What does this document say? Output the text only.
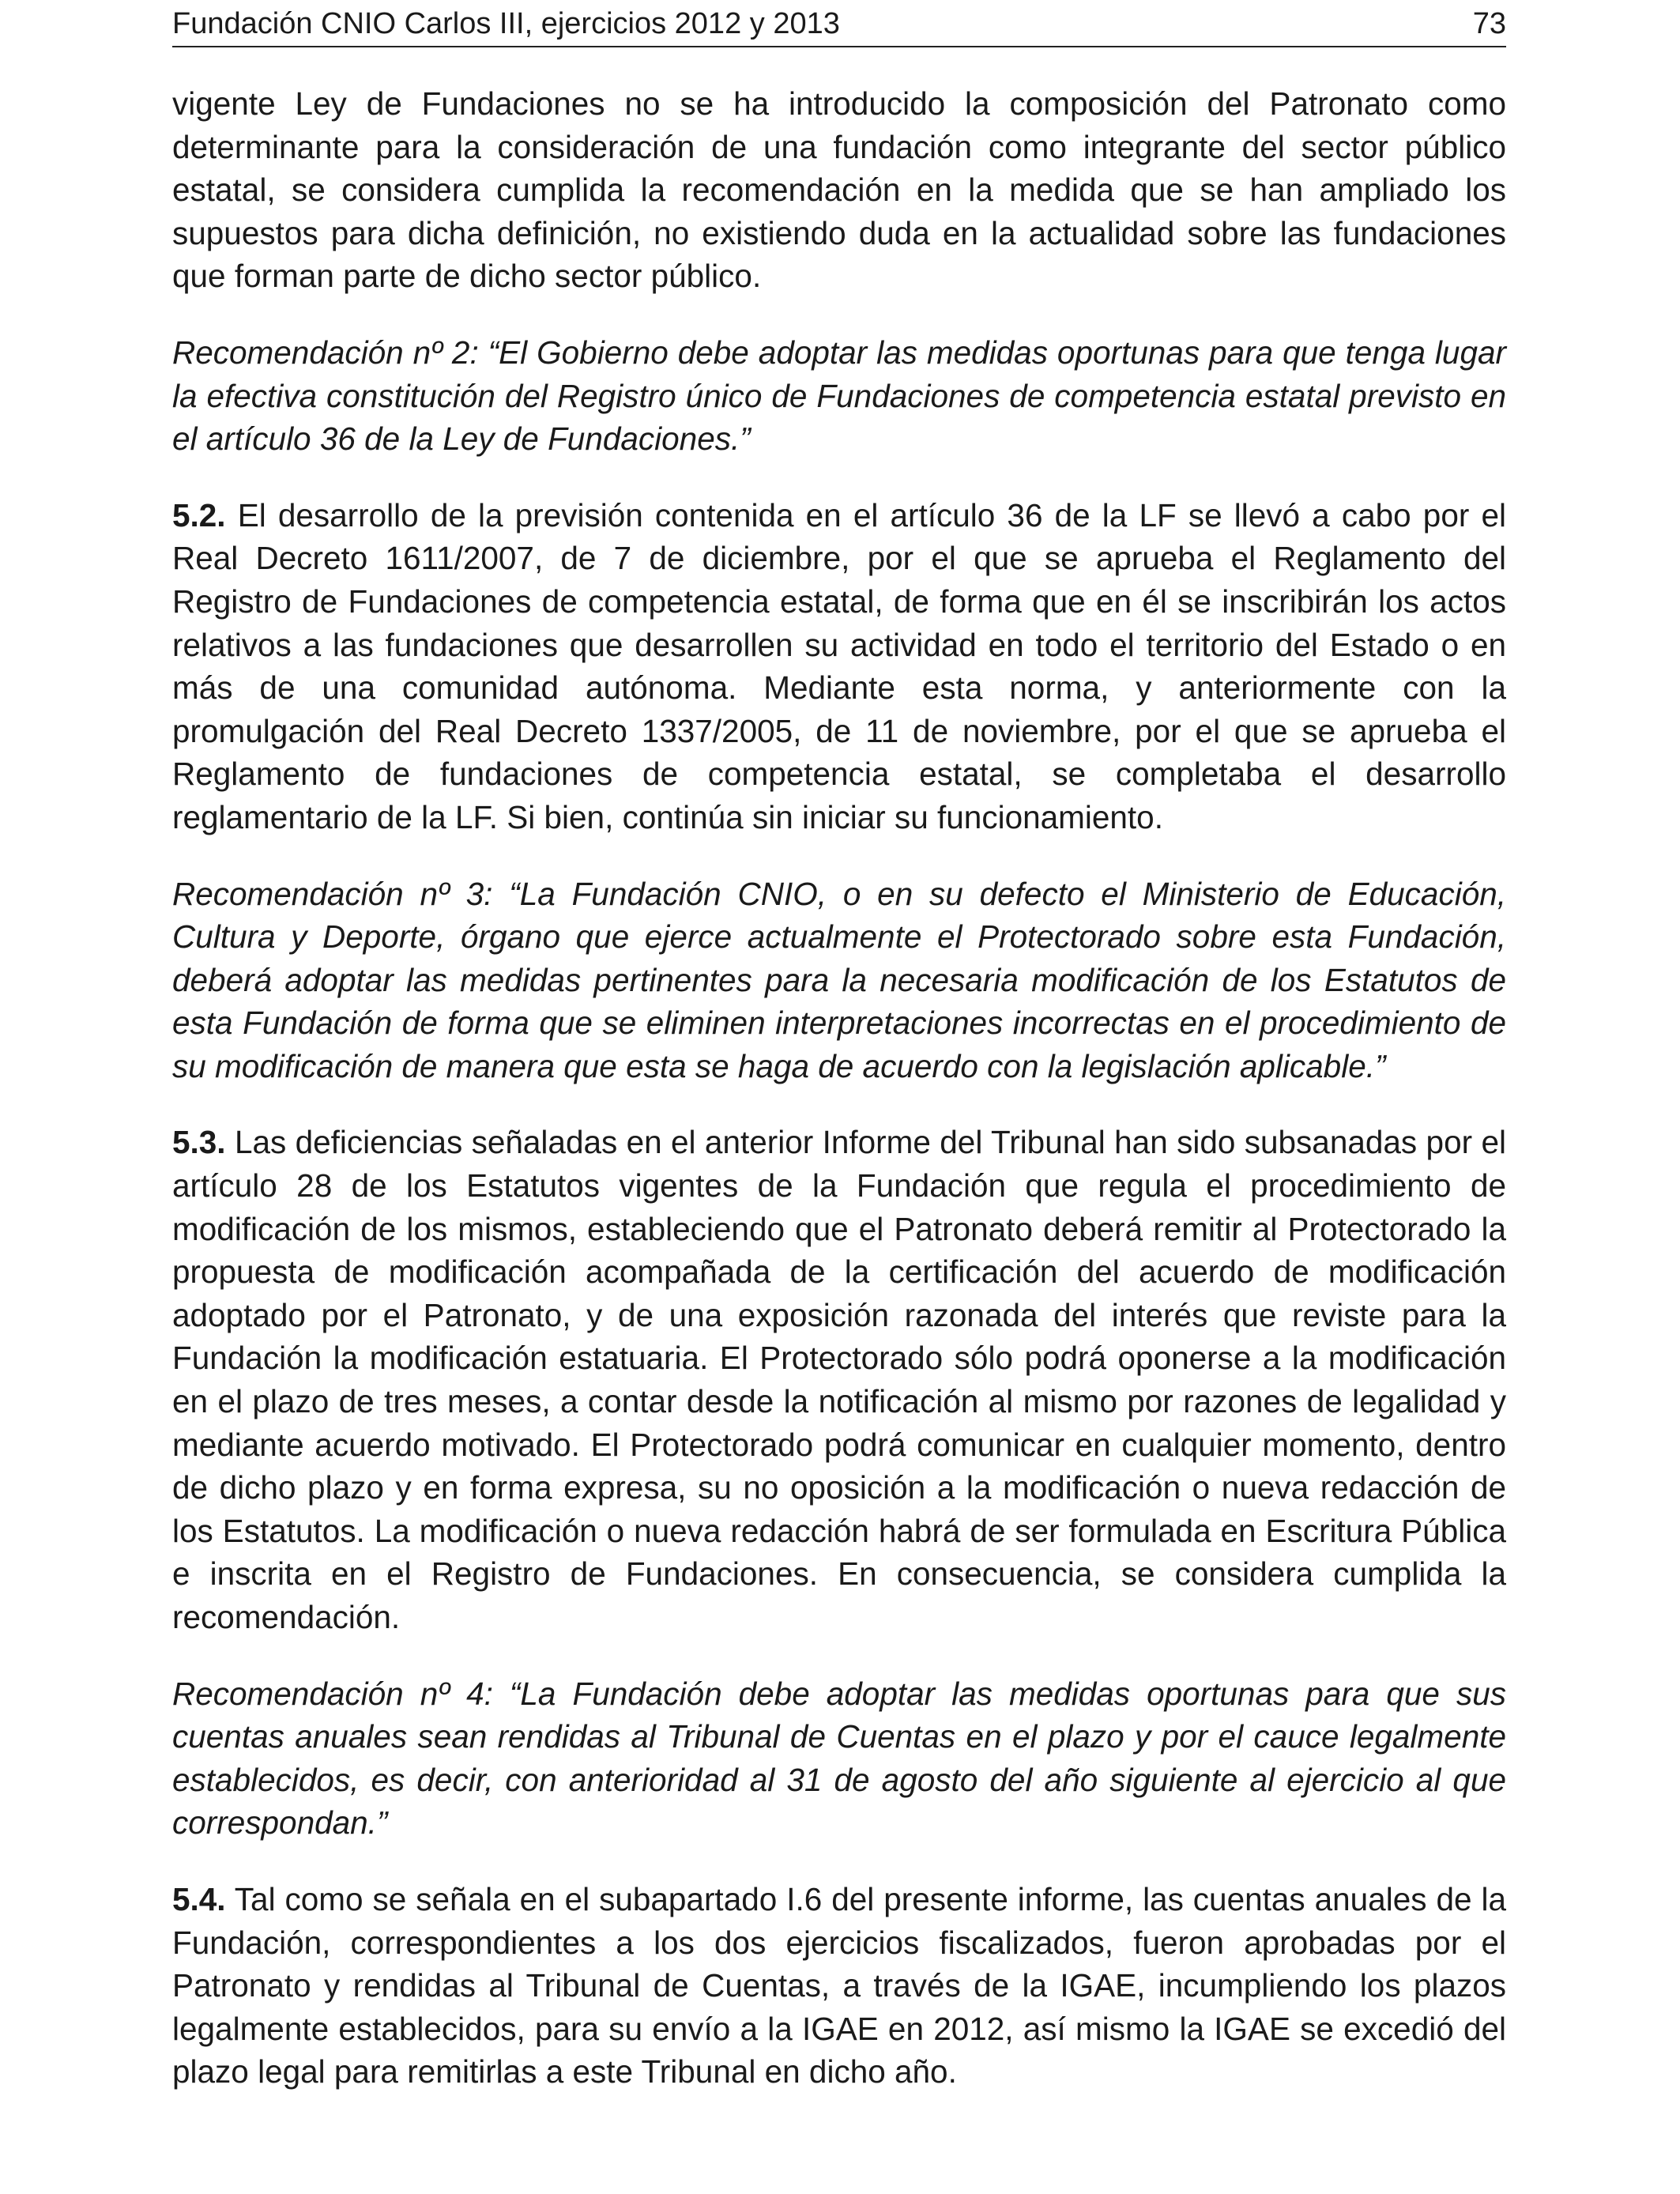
Fundación CNIO Carlos III, ejercicios 2012 y 2013	73

vigente Ley de Fundaciones no se ha introducido la composición del Patronato como determinante para la consideración de una fundación como integrante del sector público estatal, se considera cumplida la recomendación en la medida que se han ampliado los supuestos para dicha definición, no existiendo duda en la actualidad sobre las fundaciones que forman parte de dicho sector público.

Recomendación nº 2: “El Gobierno debe adoptar las medidas oportunas para que tenga lugar la efectiva constitución del Registro único de Fundaciones de competencia estatal previsto en el artículo 36 de la Ley de Fundaciones.”

5.2. El desarrollo de la previsión contenida en el artículo 36 de la LF se llevó a cabo por el Real Decreto 1611/2007, de 7 de diciembre, por el que se aprueba el Reglamento del Registro de Fundaciones de competencia estatal, de forma que en él se inscribirán los actos relativos a las fundaciones que desarrollen su actividad en todo el territorio del Estado o en más de una comunidad autónoma. Mediante esta norma, y anteriormente con la promulgación del Real Decreto 1337/2005, de 11 de noviembre, por el que se aprueba el Reglamento de fundaciones de competencia estatal, se completaba el desarrollo reglamentario de la LF. Si bien, continúa sin iniciar su funcionamiento.

Recomendación nº 3: “La Fundación CNIO, o en su defecto el Ministerio de Educación, Cultura y Deporte, órgano que ejerce actualmente el Protectorado sobre esta Fundación, deberá adoptar las medidas pertinentes para la necesaria modificación de los Estatutos de esta Fundación de forma que se eliminen interpretaciones incorrectas en el procedimiento de su modificación de manera que esta se haga de acuerdo con la legislación aplicable.”

5.3. Las deficiencias señaladas en el anterior Informe del Tribunal han sido subsanadas por el artículo 28 de los Estatutos vigentes de la Fundación que regula el procedimiento de modificación de los mismos, estableciendo que el Patronato deberá remitir al Protectorado la propuesta de modificación acompañada de la certificación del acuerdo de modificación adoptado por el Patronato, y de una exposición razonada del interés que reviste para la Fundación la modificación estatuaria. El Protectorado sólo podrá oponerse a la modificación en el plazo de tres meses, a contar desde la notificación al mismo por razones de legalidad y mediante acuerdo motivado. El Protectorado podrá comunicar en cualquier momento, dentro de dicho plazo y en forma expresa, su no oposición a la modificación o nueva redacción de los Estatutos. La modificación o nueva redacción habrá de ser formulada en Escritura Pública e inscrita en el Registro de Fundaciones. En consecuencia, se considera cumplida la recomendación.

Recomendación nº 4: “La Fundación debe adoptar las medidas oportunas para que sus cuentas anuales sean rendidas al Tribunal de Cuentas en el plazo y por el cauce legalmente establecidos, es decir, con anterioridad al 31 de agosto del año siguiente al ejercicio al que correspondan.”

5.4. Tal como se señala en el subapartado I.6 del presente informe, las cuentas anuales de la Fundación, correspondientes a los dos ejercicios fiscalizados, fueron aprobadas por el Patronato y rendidas al Tribunal de Cuentas, a través de la IGAE, incumpliendo los plazos legalmente establecidos, para su envío a la IGAE en 2012, así mismo la IGAE se excedió del plazo legal para remitirlas a este Tribunal en dicho año.
